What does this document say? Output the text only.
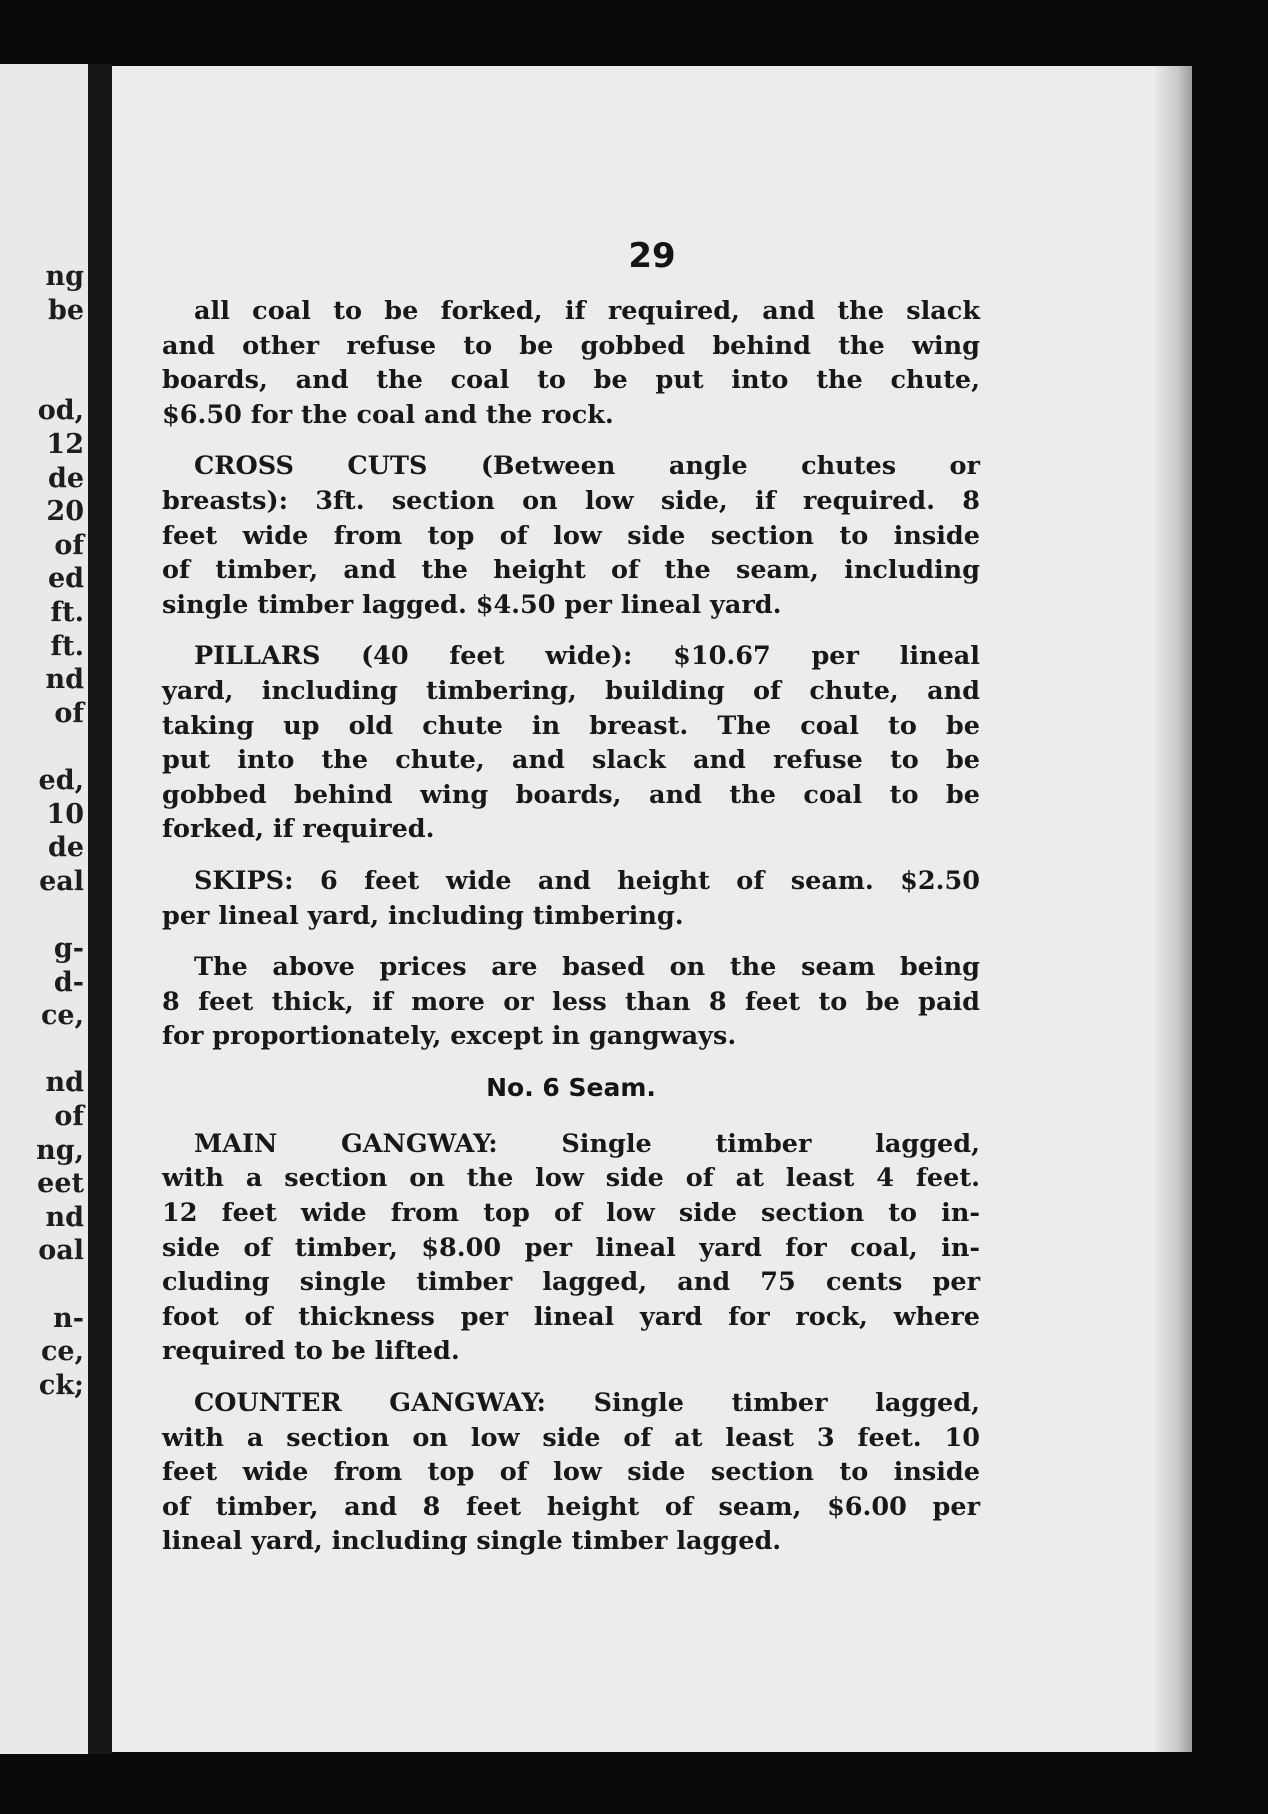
ng
be
od,
12
de
20
of
ed
ft.
ft.
nd
of
ed,
10
de
eal
g-
d-
ce,
nd
of
ng,
eet
nd
oal
n-
ce,
ck;
29
all coal to be forked, if required, and the slack
and other refuse to be gobbed behind the wing
boards, and the coal to be put into the chute,
$6.50 for the coal and the rock.
CROSS CUTS (Between angle chutes or
breasts): 3ft. section on low side, if required. 8
feet wide from top of low side section to inside
of timber, and the height of the seam, including
single timber lagged. $4.50 per lineal yard.
PILLARS (40 feet wide): $10.67 per lineal
yard, including timbering, building of chute, and
taking up old chute in breast. The coal to be
put into the chute, and slack and refuse to be
gobbed behind wing boards, and the coal to be
forked, if required.
SKIPS: 6 feet wide and height of seam. $2.50
per lineal yard, including timbering.
The above prices are based on the seam being
8 feet thick, if more or less than 8 feet to be paid
for proportionately, except in gangways.
No. 6 Seam.
MAIN GANGWAY: Single timber lagged,
with a section on the low side of at least 4 feet.
12 feet wide from top of low side section to in-
side of timber, $8.00 per lineal yard for coal, in-
cluding single timber lagged, and 75 cents per
foot of thickness per lineal yard for rock, where
required to be lifted.
COUNTER GANGWAY: Single timber lagged,
with a section on low side of at least 3 feet. 10
feet wide from top of low side section to inside
of timber, and 8 feet height of seam, $6.00 per
lineal yard, including single timber lagged.
